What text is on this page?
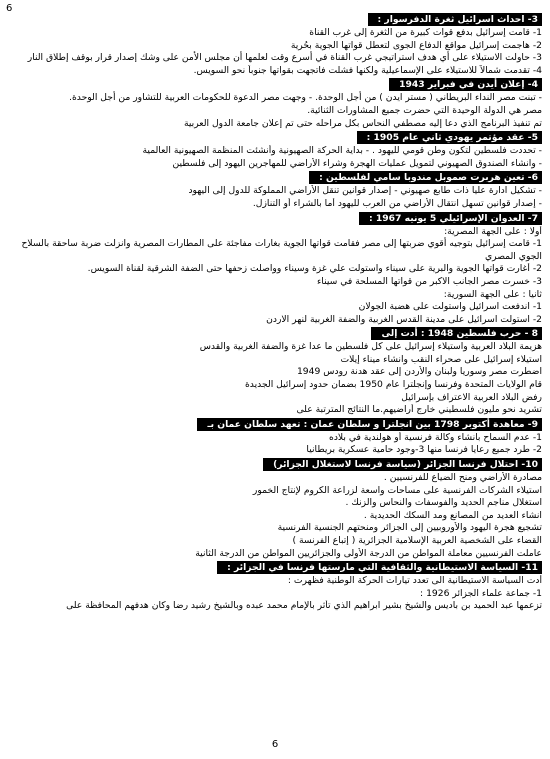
6
3- احداث اسرائيل ثغرة الدفرسوار :
1- قامت إسرائيل بدفع قوات كبيرة من الثغرة إلى غرب القناة
2- هاجمت إسرائيل مواقع الدفاع الجوى لتعطل قواتها الجوية بحُرية
3- حاولت الاستيلاء على أي هدف استراتيجي غرب القناة في أسرع وقت لعلمها أن مجلس الأمن على وشك إصدار قرار بوقف إطلاق النار
4- تقدمت شمالاً للاستيلاء على الإسماعيلية ولكنها فشلت فاتجهت بقواتها جنوباً نحو السويس.
4- إعلان أيدن في فبراير 1943
- تبنت مصر النداء البريطاني ( مستر ايدن ) من أجل الوحدة. - وجهت مصر الدعوة للحكومات العربية للتشاور من أجل الوحدة.
مصر هي الدولة الوحيدة التي حضرت جميع المشاورات الثنائية.
تم تنفيذ البرنامج الذي دعا إليه مصطفي النحاس بكل مراحله حتى تم إعلان جامعة الدول العربية
5- عقد مؤتمر يهودي ثاني عام 1905 :
- تحددت فلسطين لتكون وطن قومي لليهود . - بداية الحركة الصهيونية وأنشئت المنظمة الصهيونية العالمية
- وانشاء الصندوق الصهيوني لتمويل عمليات الهجرة وشراء الأراضي للمهاجرين اليهود إلى فلسطين
6- تعين هربرت صموبل مندوبا سامي لفلسطين :
- تشكيل ادارة عليا ذات طابع صهيوني - إصدار قوانين تنقل الأراضي المملوكة للدول إلى اليهود
- إصدار قوانين تسهل انتقال الأراضي من العرب لليهود أما بالشراء أو التنازل.
7- العدوان الإسرائيلي 5 يونيه 1967 :
أولا : على الجهة المصرية:
1- قامت إسرائيل بتوجيه أقوي ضربتها إلى مصر فقامت قواتها الجوية بغارات مفاجئة على المطارات المصرية وانزلت ضربة ساحقة بالسلاح الجوي المصري
2- أغارت قواتها الجوية والبرية على سيناء واستولت علي غزة وسيناء وواصلت زحفها حتى الضفة الشرقية لقناة السويس.
3- خسرت مصر الجانب الاكبر من قواتها المسلحة في سيناء
ثانيا : على الجهة السورية:
1- اندفعت اسرائيل واستولت على هضبة الجولان
2- استولت اسرائيل على مدينة القدس الغربية والضفة الغربية لنهر الاردن
8 - حرب فلسطين 1948 : أدت إلى
هزيمة البلاد العربية واستيلاء إسرائيل على كل فلسطين ما عدا غزة والضفة الغربية والقدس
استيلاء إسرائيل على صحراء النقب وانشاء ميناء إيلات
اضطرت مصر وسوريا ولبنان والأردن إلى عقد هدنة رودس 1949
قام الولايات المتحدة وفرنسا وإنجلترا عام 1950 بضمان حدود إسرائيل الجديدة
رفض البلاد العربية الاعتراف بإسرائيل
تشريد نحو مليون فلسطيني خارج أراضيهم.ما النتائج المترتبة على
9- معاهدة أكتوبر 1798 بين انجلترا و سلطان عمان : تعهد سلطان عمان بـ
1- عدم السماح بانشاء وكالة فرنسية أو هولندية في بلاده
2- طرد جميع رعايا فرنسا منها 3-وجود حامية عسكرية بريطانيا
10- احتلال فرنسا الجزائر (سياسة فرنسا لاستغلال الجزائر)
مصادرة الأراضي ومنح الضياع للفرنسيين .
استيلاء الشركات الفرنسية على مساحات واسعة لزراعة الكروم لإنتاج الخمور
استغلال مناجم الحديد والفوسفات والنحاس والزنك .
انشاء العديد من المصانع ومد السكك الحديدية .
تشجيع هجرة اليهود والأوروبيين إلى الجزائر ومنحتهم الجنسية الفرنسية
القضاء على الشخصية العربية الإسلامية الجزائرية ( إتباع الفرنسة )
عاملت الفرنسيين معاملة المواطن من الدرجة الأولى والجزائريين المواطن من الدرجة الثانية
11- السياسة الاستيطانية والثقافية التي مارستها فرنسا في الجزائر :
أدت السياسة الاستيطانية الى تعدد تيارات الحركة الوطنية فظهرت :
1- جماعة علماء الجزائر 1926 :
تزعمها عبد الحميد بن باديس والشيخ بشير ابراهيم الذي تأثر بالإمام محمد عبده وبالشيخ رشيد رضا وكان هدفهم المحافظة على
6
